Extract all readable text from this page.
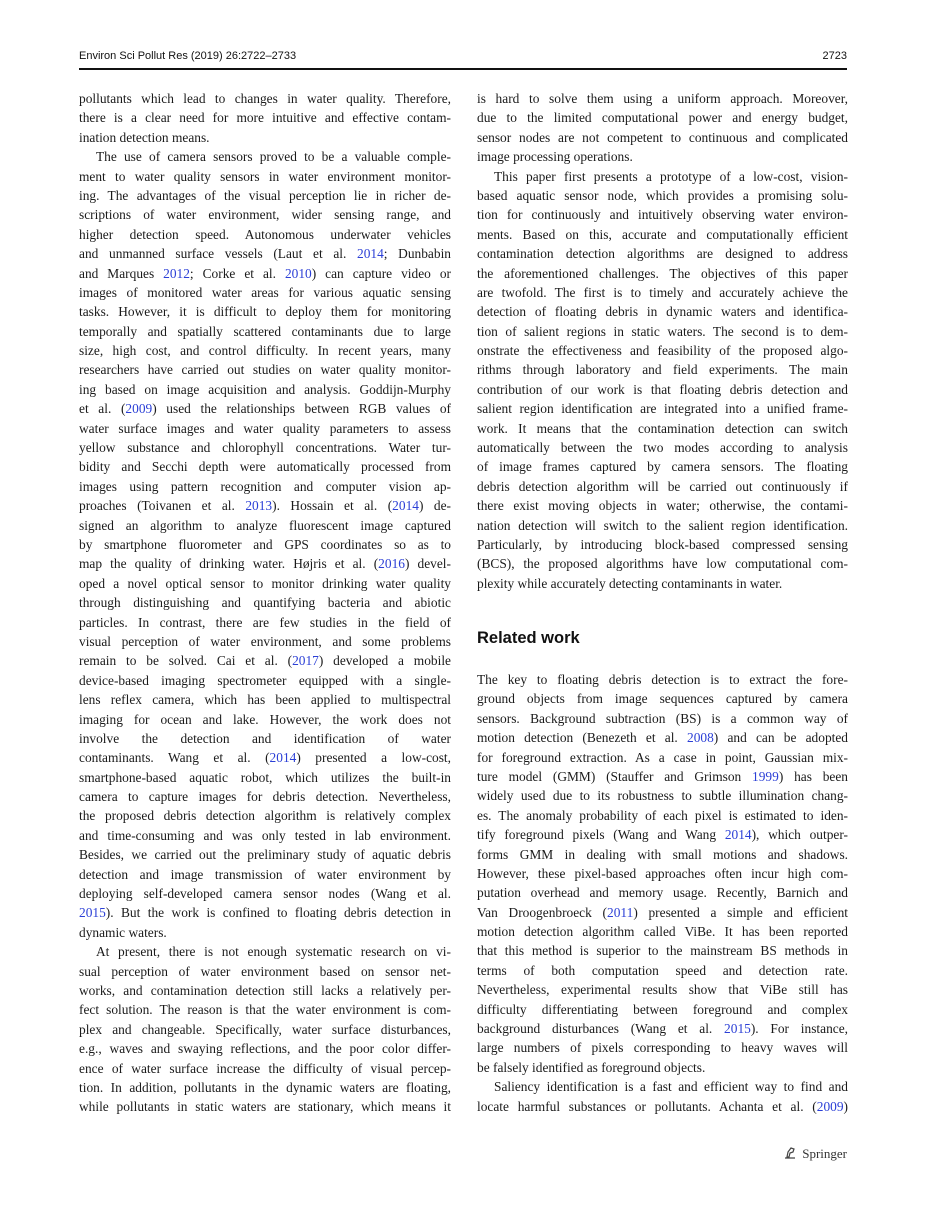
Environ Sci Pollut Res (2019) 26:2722–2733	2723
pollutants which lead to changes in water quality. Therefore,
there is a clear need for more intuitive and effective contam-
ination detection means.
The use of camera sensors proved to be a valuable comple-
ment to water quality sensors in water environment monitor-
ing. The advantages of the visual perception lie in richer de-
scriptions of water environment, wider sensing range, and
higher detection speed. Autonomous underwater vehicles
and unmanned surface vessels (Laut et al. 2014; Dunbabin
and Marques 2012; Corke et al. 2010) can capture video or
images of monitored water areas for various aquatic sensing
tasks. However, it is difficult to deploy them for monitoring
temporally and spatially scattered contaminants due to large
size, high cost, and control difficulty. In recent years, many
researchers have carried out studies on water quality monitor-
ing based on image acquisition and analysis. Goddijn-Murphy
et al. (2009) used the relationships between RGB values of
water surface images and water quality parameters to assess
yellow substance and chlorophyll concentrations. Water tur-
bidity and Secchi depth were automatically processed from
images using pattern recognition and computer vision ap-
proaches (Toivanen et al. 2013). Hossain et al. (2014) de-
signed an algorithm to analyze fluorescent image captured
by smartphone fluorometer and GPS coordinates so as to
map the quality of drinking water. Højris et al. (2016) devel-
oped a novel optical sensor to monitor drinking water quality
through distinguishing and quantifying bacteria and abiotic
particles. In contrast, there are few studies in the field of
visual perception of water environment, and some problems
remain to be solved. Cai et al. (2017) developed a mobile
device-based imaging spectrometer equipped with a single-
lens reflex camera, which has been applied to multispectral
imaging for ocean and lake. However, the work does not
involve the detection and identification of water
contaminants. Wang et al. (2014) presented a low-cost,
smartphone-based aquatic robot, which utilizes the built-in
camera to capture images for debris detection. Nevertheless,
the proposed debris detection algorithm is relatively complex
and time-consuming and was only tested in lab environment.
Besides, we carried out the preliminary study of aquatic debris
detection and image transmission of water environment by
deploying self-developed camera sensor nodes (Wang et al.
2015). But the work is confined to floating debris detection in
dynamic waters.
At present, there is not enough systematic research on vi-
sual perception of water environment based on sensor net-
works, and contamination detection still lacks a relatively per-
fect solution. The reason is that the water environment is com-
plex and changeable. Specifically, water surface disturbances,
e.g., waves and swaying reflections, and the poor color differ-
ence of water surface increase the difficulty of visual percep-
tion. In addition, pollutants in the dynamic waters are floating,
while pollutants in static waters are stationary, which means it
is hard to solve them using a uniform approach. Moreover,
due to the limited computational power and energy budget,
sensor nodes are not competent to continuous and complicated
image processing operations.
This paper first presents a prototype of a low-cost, vision-
based aquatic sensor node, which provides a promising solu-
tion for continuously and intuitively observing water environ-
ments. Based on this, accurate and computationally efficient
contamination detection algorithms are designed to address
the aforementioned challenges. The objectives of this paper
are twofold. The first is to timely and accurately achieve the
detection of floating debris in dynamic waters and identifica-
tion of salient regions in static waters. The second is to dem-
onstrate the effectiveness and feasibility of the proposed algo-
rithms through laboratory and field experiments. The main
contribution of our work is that floating debris detection and
salient region identification are integrated into a unified frame-
work. It means that the contamination detection can switch
automatically between the two modes according to analysis
of image frames captured by camera sensors. The floating
debris detection algorithm will be carried out continuously if
there exist moving objects in water; otherwise, the contami-
nation detection will switch to the salient region identification.
Particularly, by introducing block-based compressed sensing
(BCS), the proposed algorithms have low computational com-
plexity while accurately detecting contaminants in water.
Related work
The key to floating debris detection is to extract the fore-
ground objects from image sequences captured by camera
sensors. Background subtraction (BS) is a common way of
motion detection (Benezeth et al. 2008) and can be adopted
for foreground extraction. As a case in point, Gaussian mix-
ture model (GMM) (Stauffer and Grimson 1999) has been
widely used due to its robustness to subtle illumination chang-
es. The anomaly probability of each pixel is estimated to iden-
tify foreground pixels (Wang and Wang 2014), which outper-
forms GMM in dealing with small motions and shadows.
However, these pixel-based approaches often incur high com-
putation overhead and memory usage. Recently, Barnich and
Van Droogenbroeck (2011) presented a simple and efficient
motion detection algorithm called ViBe. It has been reported
that this method is superior to the mainstream BS methods in
terms of both computation speed and detection rate.
Nevertheless, experimental results show that ViBe still has
difficulty differentiating between foreground and complex
background disturbances (Wang et al. 2015). For instance,
large numbers of pixels corresponding to heavy waves will
be falsely identified as foreground objects.
Saliency identification is a fast and efficient way to find and
locate harmful substances or pollutants. Achanta et al. (2009)
Springer
